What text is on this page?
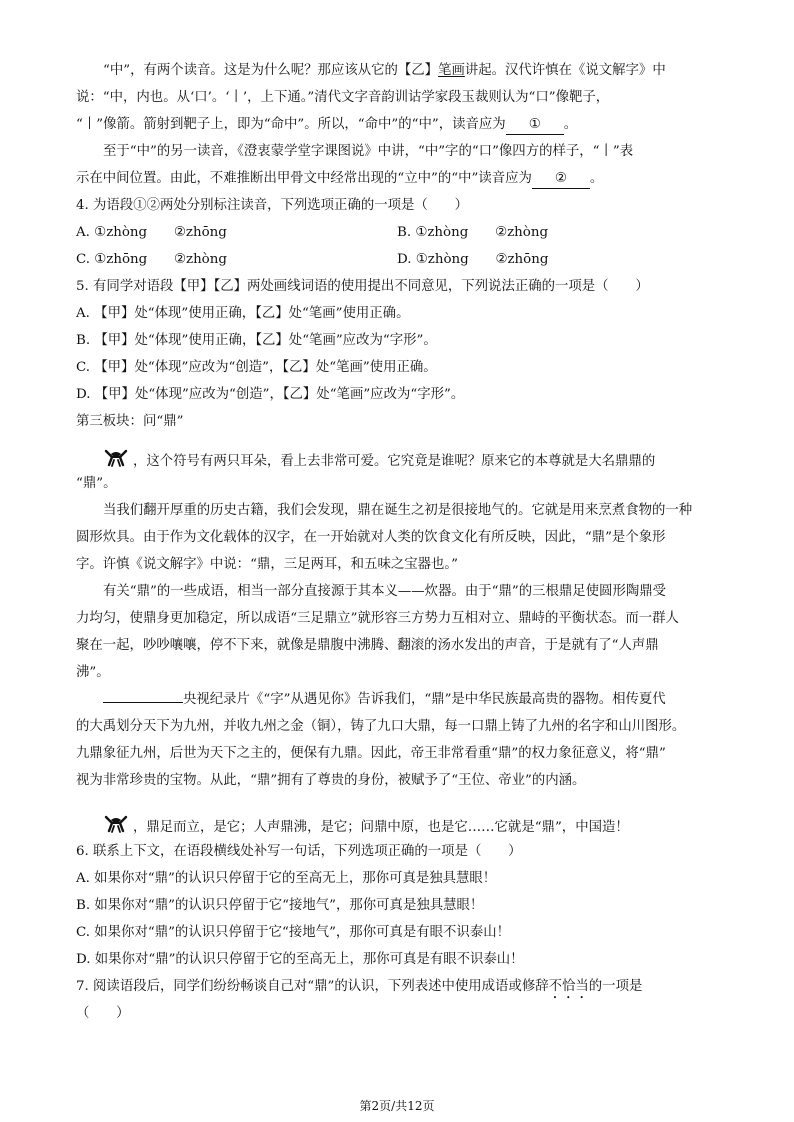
“中”，有两个读音。这是为什么呢？那应该从它的【乙】笔画讲起。汉代许慎在《说文解字》中
说：“中，内也。从‘口’。‘丨’，上下通。”清代文字音韵训诂学家段玉裁则认为“口”像靶子，
“丨”像箭。箭射到靶子上，即为“命中”。所以，“命中”的“中”，读音应为 ① 。
至于“中”的另一读音，《澄衷蒙学堂字课图说》中讲，“中”字的“口”像四方的样子，“丨”表
示在中间位置。由此，不难推断出甲骨文中经常出现的“立中”的“中”读音应为 ② 。
4. 为语段①②两处分别标注读音，下列选项正确的一项是（　　）
A. ①zhòng　　②zhōng	B. ①zhòng　　②zhòng
C. ①zhōng　　②zhòng	D. ①zhòng　　②zhōng
5. 有同学对语段【甲】【乙】两处画线词语的使用提出不同意见，下列说法正确的一项是（　　）
A. 【甲】处“体现”使用正确，【乙】处“笔画”使用正确。
B. 【甲】处“体现”使用正确，【乙】处“笔画”应改为“字形”。
C. 【甲】处“体现”应改为“创造”，【乙】处“笔画”使用正确。
D. 【甲】处“体现”应改为“创造”，【乙】处“笔画”应改为“字形”。
第三板块：问“鼎”
，这个符号有两只耳朵，看上去非常可爱。它究竟是谁呢？原来它的本尊就是大名鼎鼎的
“鼎”。
当我们翻开厚重的历史古籍，我们会发现，鼎在诞生之初是很接地气的。它就是用来烹煮食物的一种
圆形炊具。由于作为文化载体的汉字，在一开始就对人类的饮食文化有所反映，因此，“鼎”是个象形
字。许慎《说文解字》中说：“鼎，三足两耳，和五味之宝器也。”
有关“鼎”的一些成语，相当一部分直接源于其本义——炊器。由于“鼎”的三根鼎足使圆形陶鼎受
力均匀，使鼎身更加稳定，所以成语“三足鼎立”就形容三方势力互相对立、鼎峙的平衡状态。而一群人
聚在一起，吵吵嚷嚷，停不下来，就像是鼎腹中沸腾、翻滚的汤水发出的声音，于是就有了“人声鼎
沸”。
央视纪录片《“字”从遇见你》告诉我们，“鼎”是中华民族最高贵的器物。相传夏代
的大禹划分天下为九州，并收九州之金（铜），铸了九口大鼎，每一口鼎上铸了九州的名字和山川图形。
九鼎象征九州，后世为天下之主的，便保有九鼎。因此，帝王非常看重“鼎”的权力象征意义，将“鼎”
视为非常珍贵的宝物。从此，“鼎”拥有了尊贵的身份，被赋予了“王位、帝业”的内涵。
，鼎足而立，是它；人声鼎沸，是它；问鼎中原，也是它……它就是“鼎”，中国造！
6. 联系上下文，在语段横线处补写一句话，下列选项正确的一项是（　　）
A. 如果你对“鼎”的认识只停留于它的至高无上，那你可真是独具慧眼！
B. 如果你对“鼎”的认识只停留于它“接地气”，那你可真是独具慧眼！
C. 如果你对“鼎”的认识只停留于它“接地气”，那你可真是有眼不识泰山！
D. 如果你对“鼎”的认识只停留于它的至高无上，那你可真是有眼不识泰山！
7. 阅读语段后，同学们纷纷畅谈自己对“鼎”的认识，下列表述中使用成语或修辞不恰当的一项是
（　　）
第2页/共12页
